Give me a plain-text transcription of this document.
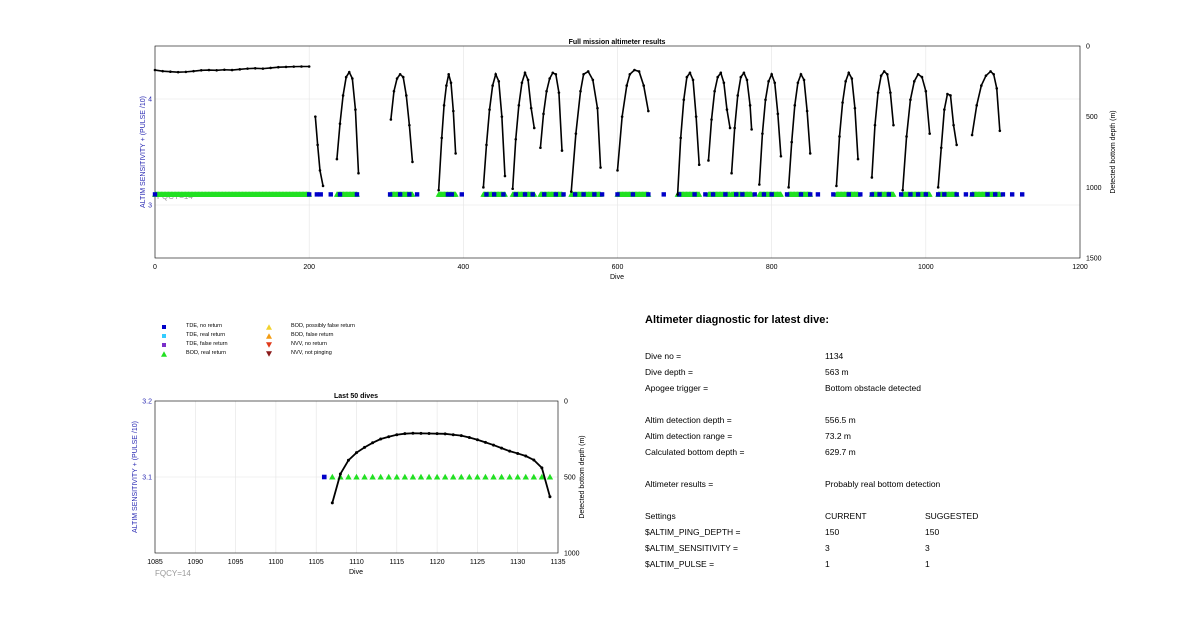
Full mission altimeter results
0	200	400	600	800	1000	1200
4
3
0
500
1000
1500
Dive
ALTIM SENSITIVITY + (PULSE /10)	Detected bottom depth (m)
TDE, no return
TDE, real return
TDE, false return
BOD, real return
BOD, possibly false return
BOD, false return
NVV, no return
NVV, not pinging
Last 50 dives
1085	1090	1095	1100	1105	1110	1115	1120	1125	1130	1135
3.2
3.1
0
500
1000
Dive
ALTIM SENSITIVITY + (PULSE /10)	Detected bottom depth (m)
FQCY=14
Altimeter diagnostic for latest dive:
Dive no =	1134
Dive depth =	563 m
Apogee trigger =	Bottom obstacle detected
Altim detection depth =	556.5 m
Altim detection range =	73.2 m
Calculated bottom depth =	629.7 m
Altimeter results =	Probably real bottom detection
Settings	CURRENT	SUGGESTED
$ALTIM_PING_DEPTH =	150	150
$ALTIM_SENSITIVITY =	3	3
$ALTIM_PULSE =	1	1
